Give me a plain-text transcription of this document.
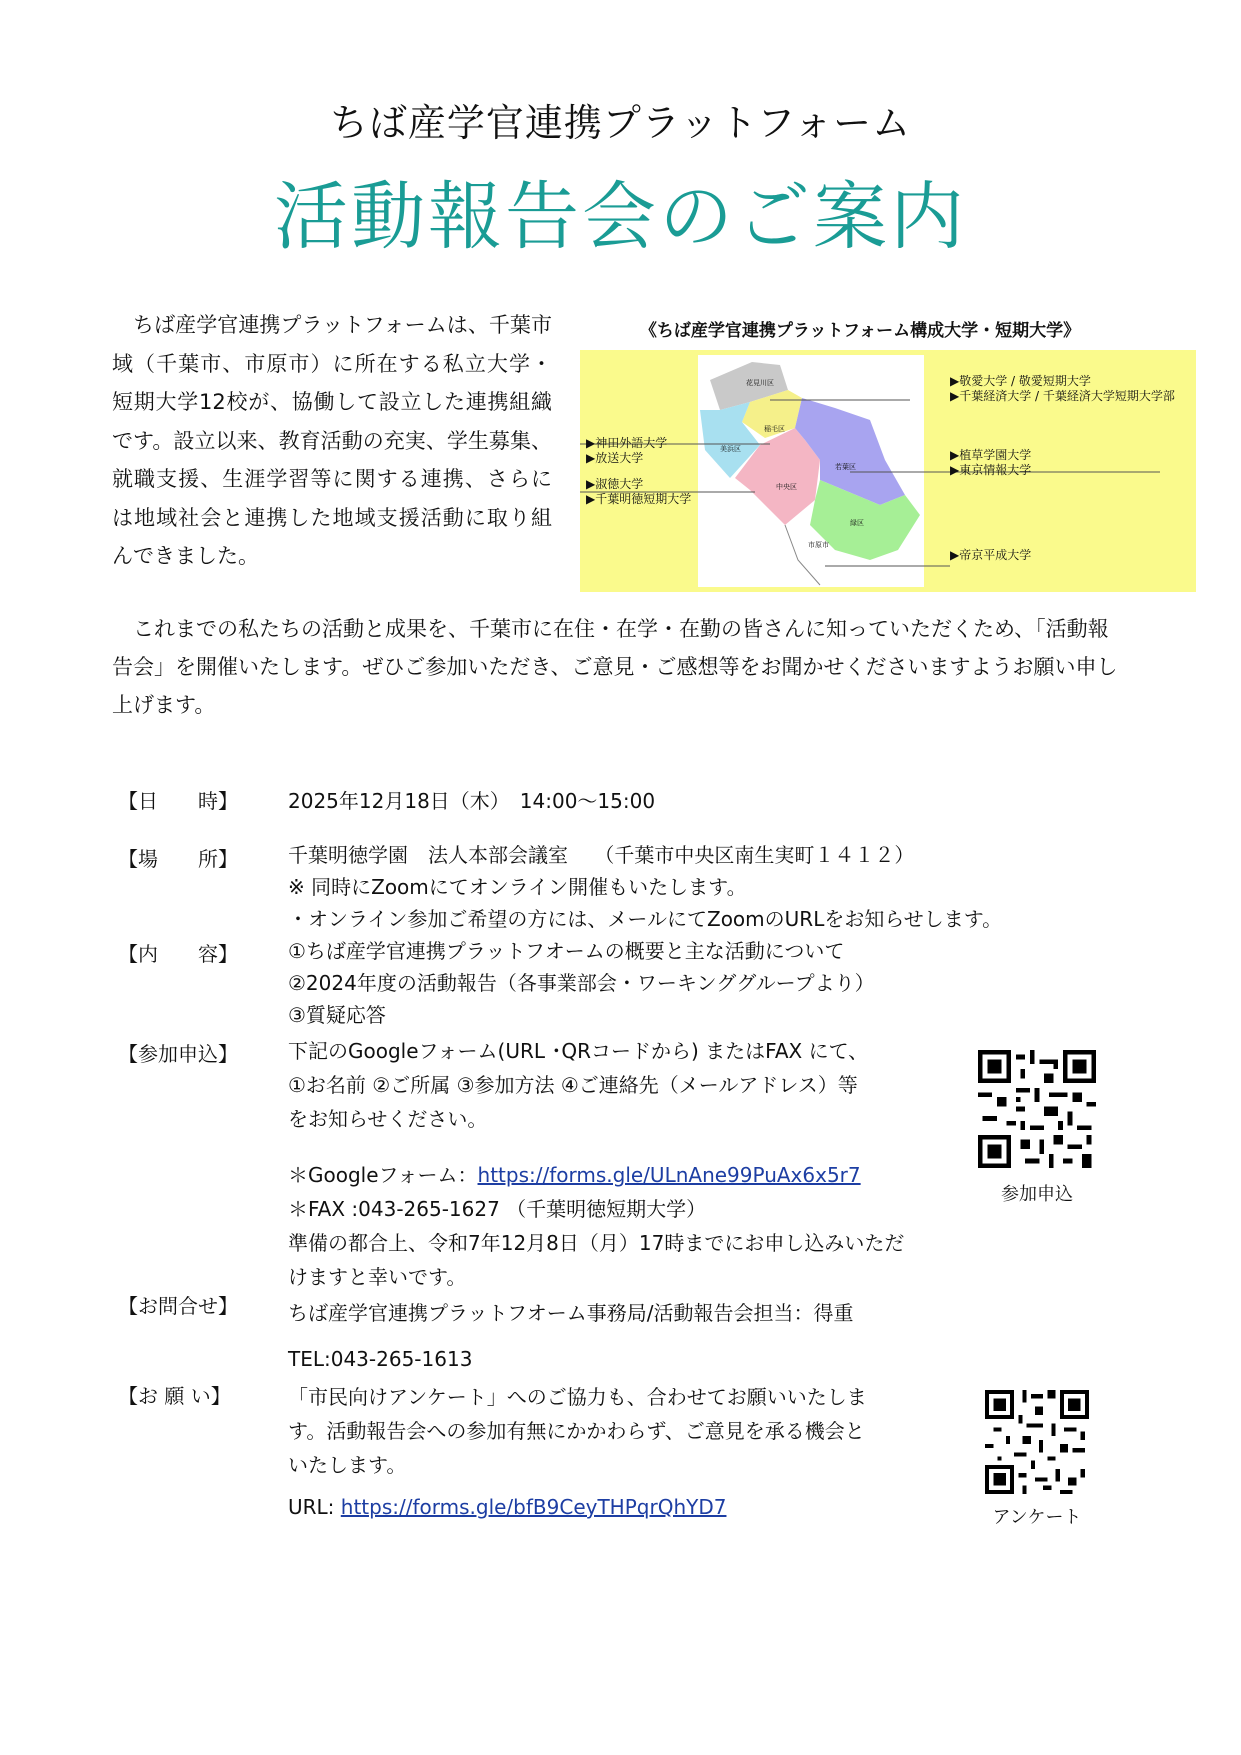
ちば産学官連携プラットフォーム
活動報告会のご案内
　ちば産学官連携プラットフォームは、千葉市域（千葉市、市原市）に所在する私立大学・短期大学12校が、協働して設立した連携組織です。設立以来、教育活動の充実、学生募集、就職支援、生涯学習等に関する連携、さらには地域社会と連携した地域支援活動に取り組んできました。
《ちば産学官連携プラットフォーム構成大学・短期大学》
▶神田外語大学
▶放送大学
▶淑徳大学
▶千葉明徳短期大学
▶敬愛大学 / 敬愛短期大学
▶千葉経済大学 / 千葉経済大学短期大学部
▶植草学園大学
▶東京情報大学
▶帝京平成大学
花見川区
稲毛区
美浜区
若葉区
中央区
緑区
市原市
　これまでの私たちの活動と成果を、千葉市に在住・在学・在勤の皆さんに知っていただくため、「活動報告会」を開催いたします。ぜひご参加いただき、ご意見・ご感想等をお聞かせくださいますようお願い申し上げます。
【日　　時】	2025年12月18日（木）　14:00～15:00
【場　　所】	千葉明徳学園　法人本部会議室　 （千葉市中央区南生実町１４１２）
※ 同時にZoomにてオンライン開催もいたします。
・オンライン参加ご希望の方には、メールにてZoomのURLをお知らせします。
【内　　容】	①ちば産学官連携プラットフオームの概要と主な活動について
②2024年度の活動報告（各事業部会・ワーキンググループより）
③質疑応答
【参加申込】	下記のGoogleフォーム(URL ･QRコードから) またはFAX にて、
①お名前 ②ご所属 ③参加方法 ④ご連絡先（メールアドレス）等
をお知らせください。
＊Googleフォーム：https://forms.gle/ULnAne99PuAx6x5r7
＊FAX :043-265-1627 （千葉明徳短期大学）
準備の都合上、令和7年12月8日（月）17時までにお申し込みいただ
けますと幸いです。
参加申込
【お問合せ】	ちば産学官連携プラットフオーム事務局/活動報告会担当：得重
TEL:043-265-1613
【お 願 い】	「市民向けアンケート」へのご協力も、合わせてお願いいたしま
す。活動報告会への参加有無にかかわらず、ご意見を承る機会と
いたします。
URL: https://forms.gle/bfB9CeyTHPqrQhYD7	アンケート
